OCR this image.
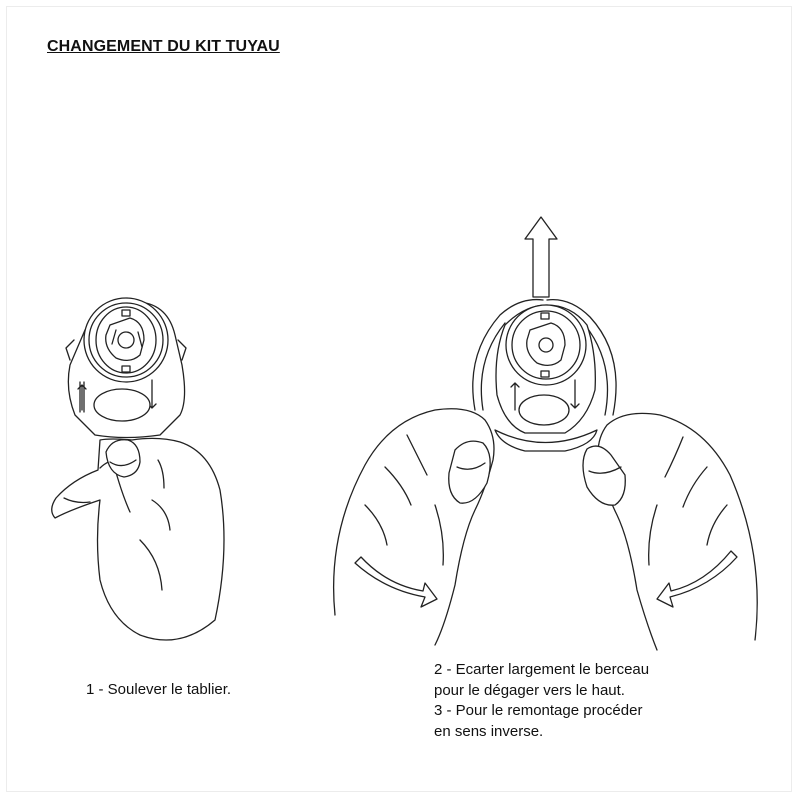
CHANGEMENT DU KIT TUYAU
1 - Soulever le tablier.
2 - Ecarter largement le berceau
pour le dégager vers le haut.
3 - Pour le remontage procéder
en sens inverse.
